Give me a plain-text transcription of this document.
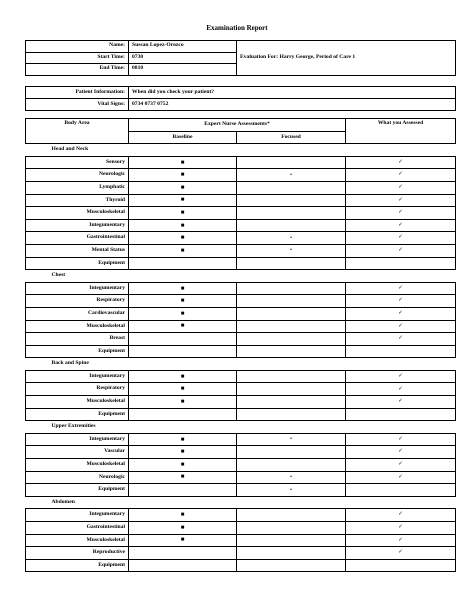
Examination Report
Name:	Sussan Lopez-Orozco	Evaluation For: Harry George, Period of Care 1
Start Time:	0730	
End Time:	0810	
Patient Information:	When did you check your patient?
Vital Signs:	0734 0737 0752
Body Area	Expert Nurse Assessments*		What you Assessed
	Baseline	Focused	
Head and Neck			
Sensory	■		✓
Neurologic	■	•	✓
Lymphatic	■		✓
Thyroid	■		✓
Musculoskeletal	■		✓
Integumentary	■		✓
Gastrointestinal	■	•	✓
Mental Status	■	•	✓
Equipment			
Chest			
Integumentary	■		✓
Respiratory	■		✓
Cardiovascular	■		✓
Musculoskeletal	■		✓
Breast			✓
Equipment			
Back and Spine			
Integumentary	■		✓
Respiratory	■		✓
Musculoskeletal	■		✓
Equipment			
Upper Extremities			
Integumentary	■	•	✓
Vascular	■		✓
Musculoskeletal	■		✓
Neurologic	■	•	✓
Equipment		•	
Abdomen			
Integumentary	■		✓
Gastrointestinal	■		✓
Musculoskeletal	■		✓
Reproductive			✓
Equipment			
